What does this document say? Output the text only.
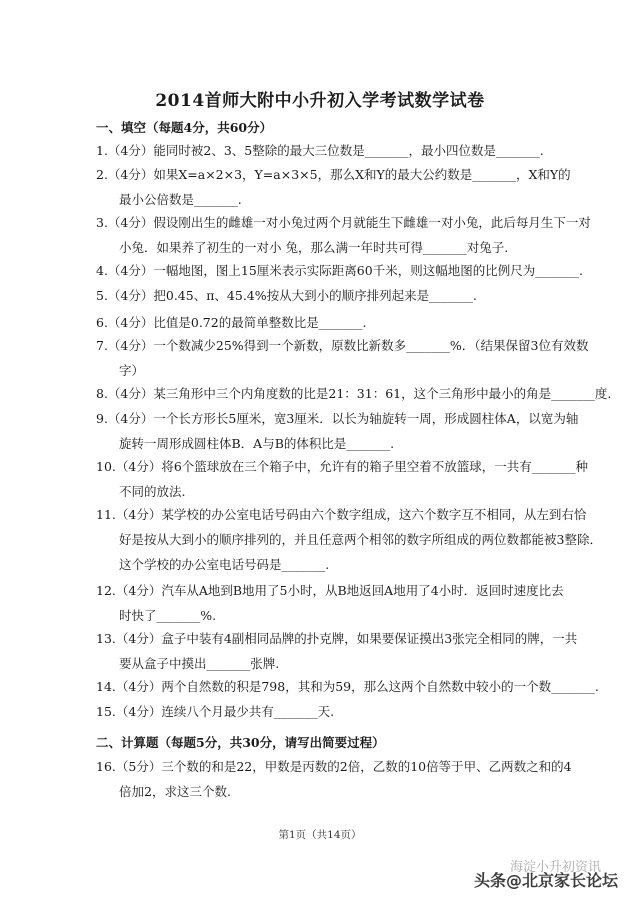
2014首师大附中小升初入学考试数学试卷
一、填空（每题4分，共60分）
1.（4分）能同时被2、3、5整除的最大三位数是_______，最小四位数是_______.
2.（4分）如果X=a×2×3，Y=a×3×5，那么X和Y的最大公约数是_______，X和Y的
最小公倍数是_______.
3.（4分）假设刚出生的雌雄一对小兔过两个月就能生下雌雄一对小兔，此后每月生下一对
小兔．如果养了初生的一对小 兔，那么满一年时共可得_______对兔子.
4.（4分）一幅地图，图上15厘米表示实际距离60千米，则这幅地图的比例尺为_______.
5.（4分）把0.45、π、45.4%按从大到小的顺序排列起来是_______.
6.（4分）比值是0.72的最简单整数比是_______.
7.（4分）一个数减少25%得到一个新数，原数比新数多_______%．（结果保留3位有效数
字）
8.（4分）某三角形中三个内角度数的比是21：31：61，这个三角形中最小的角是_______度.
9.（4分）一个长方形长5厘米，宽3厘米．以长为轴旋转一周，形成圆柱体A，以宽为轴
旋转一周形成圆柱体B．A与B的体积比是_______.
10.（4分）将6个篮球放在三个箱子中，允许有的箱子里空着不放篮球，一共有_______种
不同的放法.
11.（4分）某学校的办公室电话号码由六个数字组成，这六个数字互不相同，从左到右恰
好是按从大到小的顺序排列的，并且任意两个相邻的数字所组成的两位数都能被3整除．
这个学校的办公室电话号码是_______.
12.（4分）汽车从A地到B地用了5小时，从B地返回A地用了4小时．返回时速度比去
时快了_______%.
13.（4分）盒子中装有4副相同品牌的扑克牌，如果要保证摸出3张完全相同的牌，一共
要从盒子中摸出_______张牌.
14.（4分）两个自然数的积是798，其和为59，那么这两个自然数中较小的一个数_______.
15.（4分）连续八个月最少共有_______天.
二、计算题（每题5分，共30分，请写出简要过程）
16.（5分）三个数的和是22，甲数是丙数的2倍，乙数的10倍等于甲、乙两数之和的4
倍加2，求这三个数.
第1页（共14页）
海淀小升初资讯
头条@北京家长论坛
